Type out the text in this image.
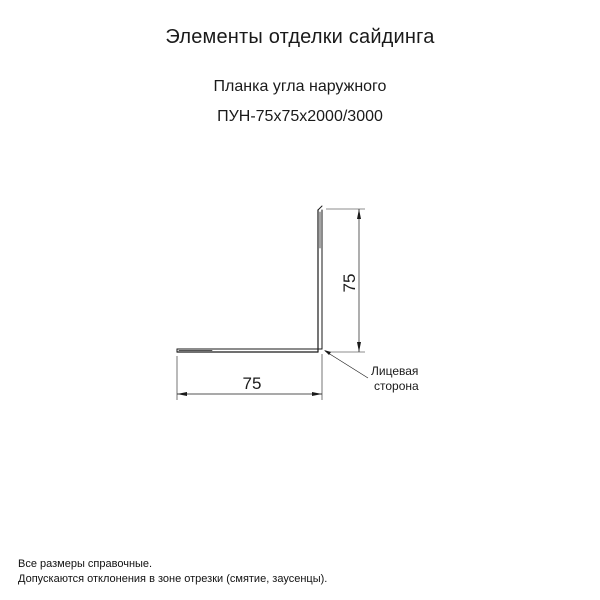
Элементы отделки сайдинга
Планка угла наружного
ПУН-75х75х2000/3000
75
75
Лицевая
сторона
Все размеры справочные.
Допускаются отклонения в зоне отрезки (смятие, заусенцы).
